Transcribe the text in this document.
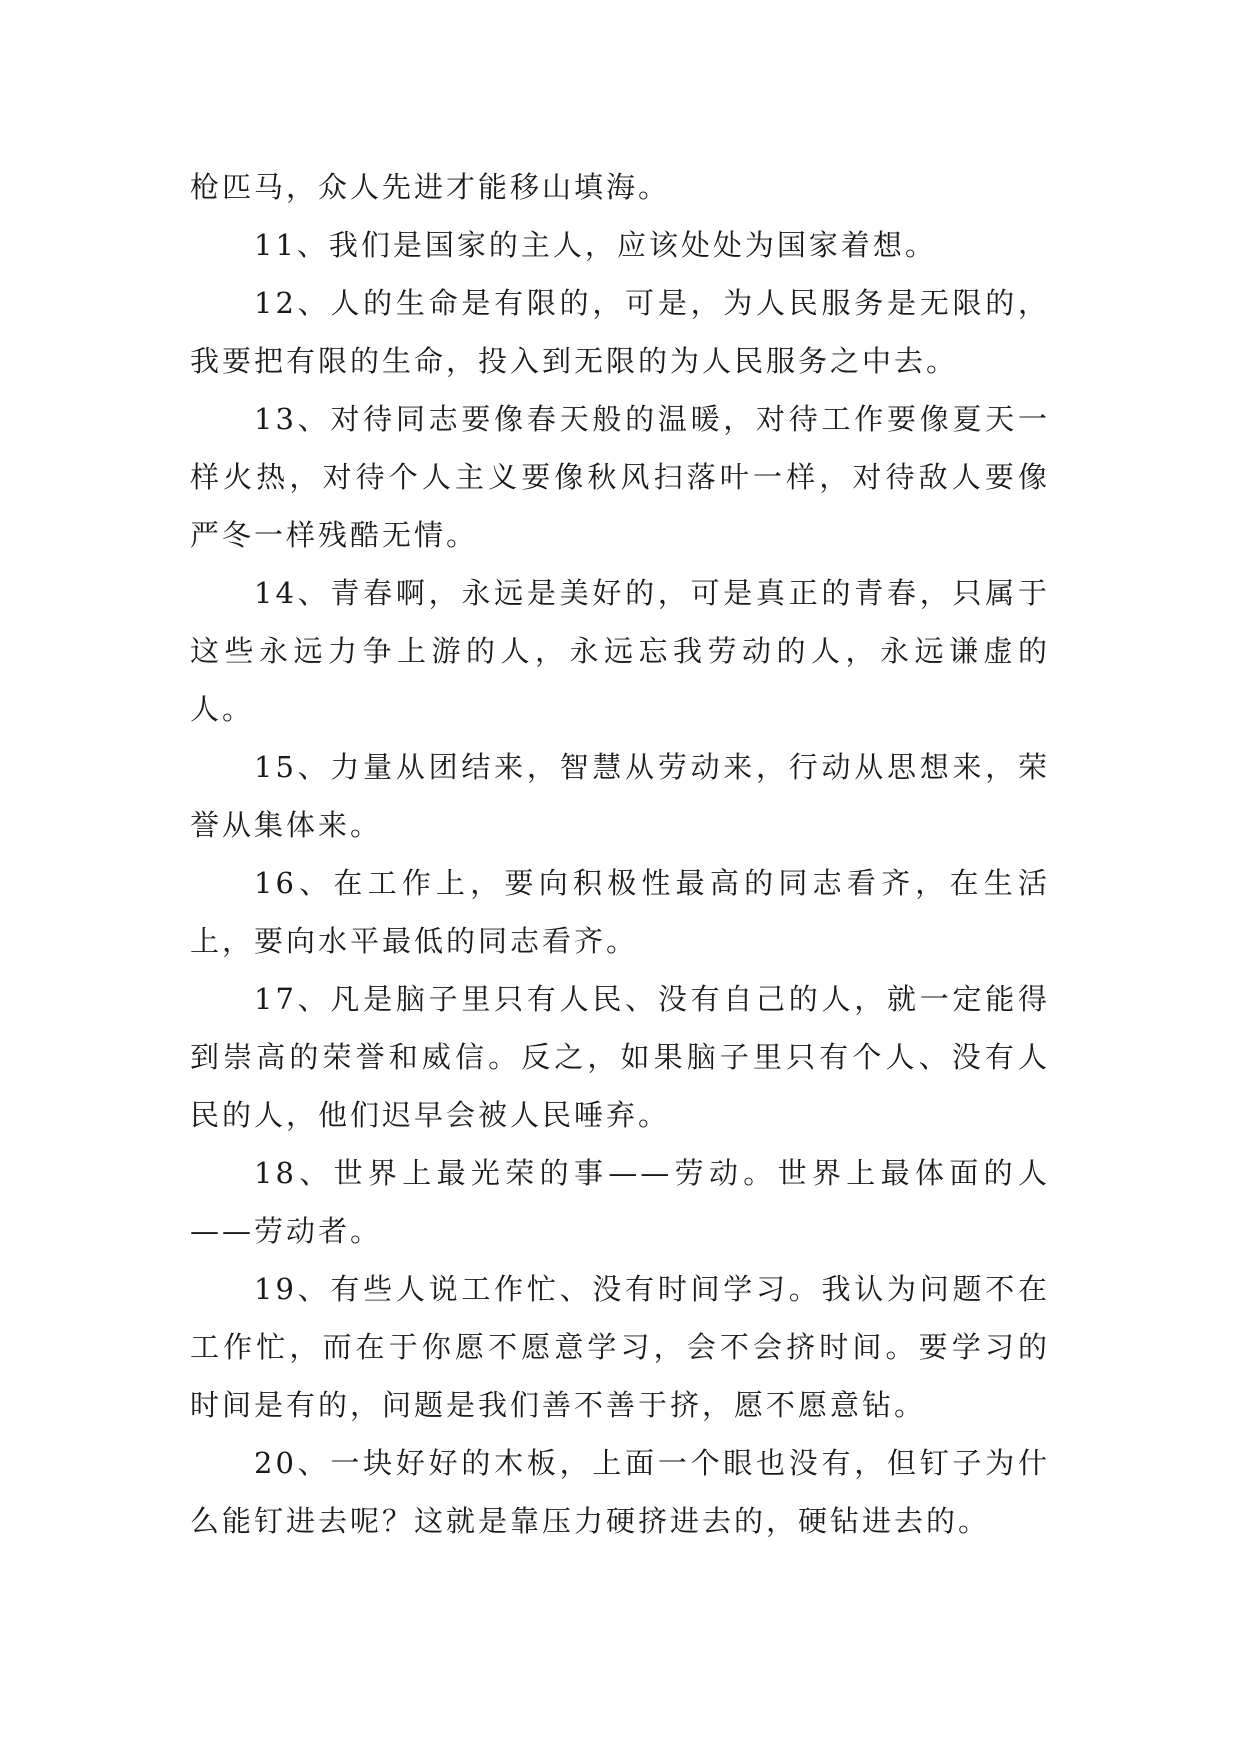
枪匹马，众人先进才能移山填海。

11、我们是国家的主人，应该处处为国家着想。

12、人的生命是有限的，可是，为人民服务是无限的，我要把有限的生命，投入到无限的为人民服务之中去。

13、对待同志要像春天般的温暖，对待工作要像夏天一样火热，对待个人主义要像秋风扫落叶一样，对待敌人要像严冬一样残酷无情。

14、青春啊，永远是美好的，可是真正的青春，只属于这些永远力争上游的人，永远忘我劳动的人，永远谦虚的人。

15、力量从团结来，智慧从劳动来，行动从思想来，荣誉从集体来。

16、在工作上，要向积极性最高的同志看齐，在生活上，要向水平最低的同志看齐。

17、凡是脑子里只有人民、没有自己的人，就一定能得到崇高的荣誉和威信。反之，如果脑子里只有个人、没有人民的人，他们迟早会被人民唾弃。

18、世界上最光荣的事——劳动。世界上最体面的人——劳动者。

19、有些人说工作忙、没有时间学习。我认为问题不在工作忙，而在于你愿不愿意学习，会不会挤时间。要学习的时间是有的，问题是我们善不善于挤，愿不愿意钻。

20、一块好好的木板，上面一个眼也没有，但钉子为什么能钉进去呢？这就是靠压力硬挤进去的，硬钻进去的。
